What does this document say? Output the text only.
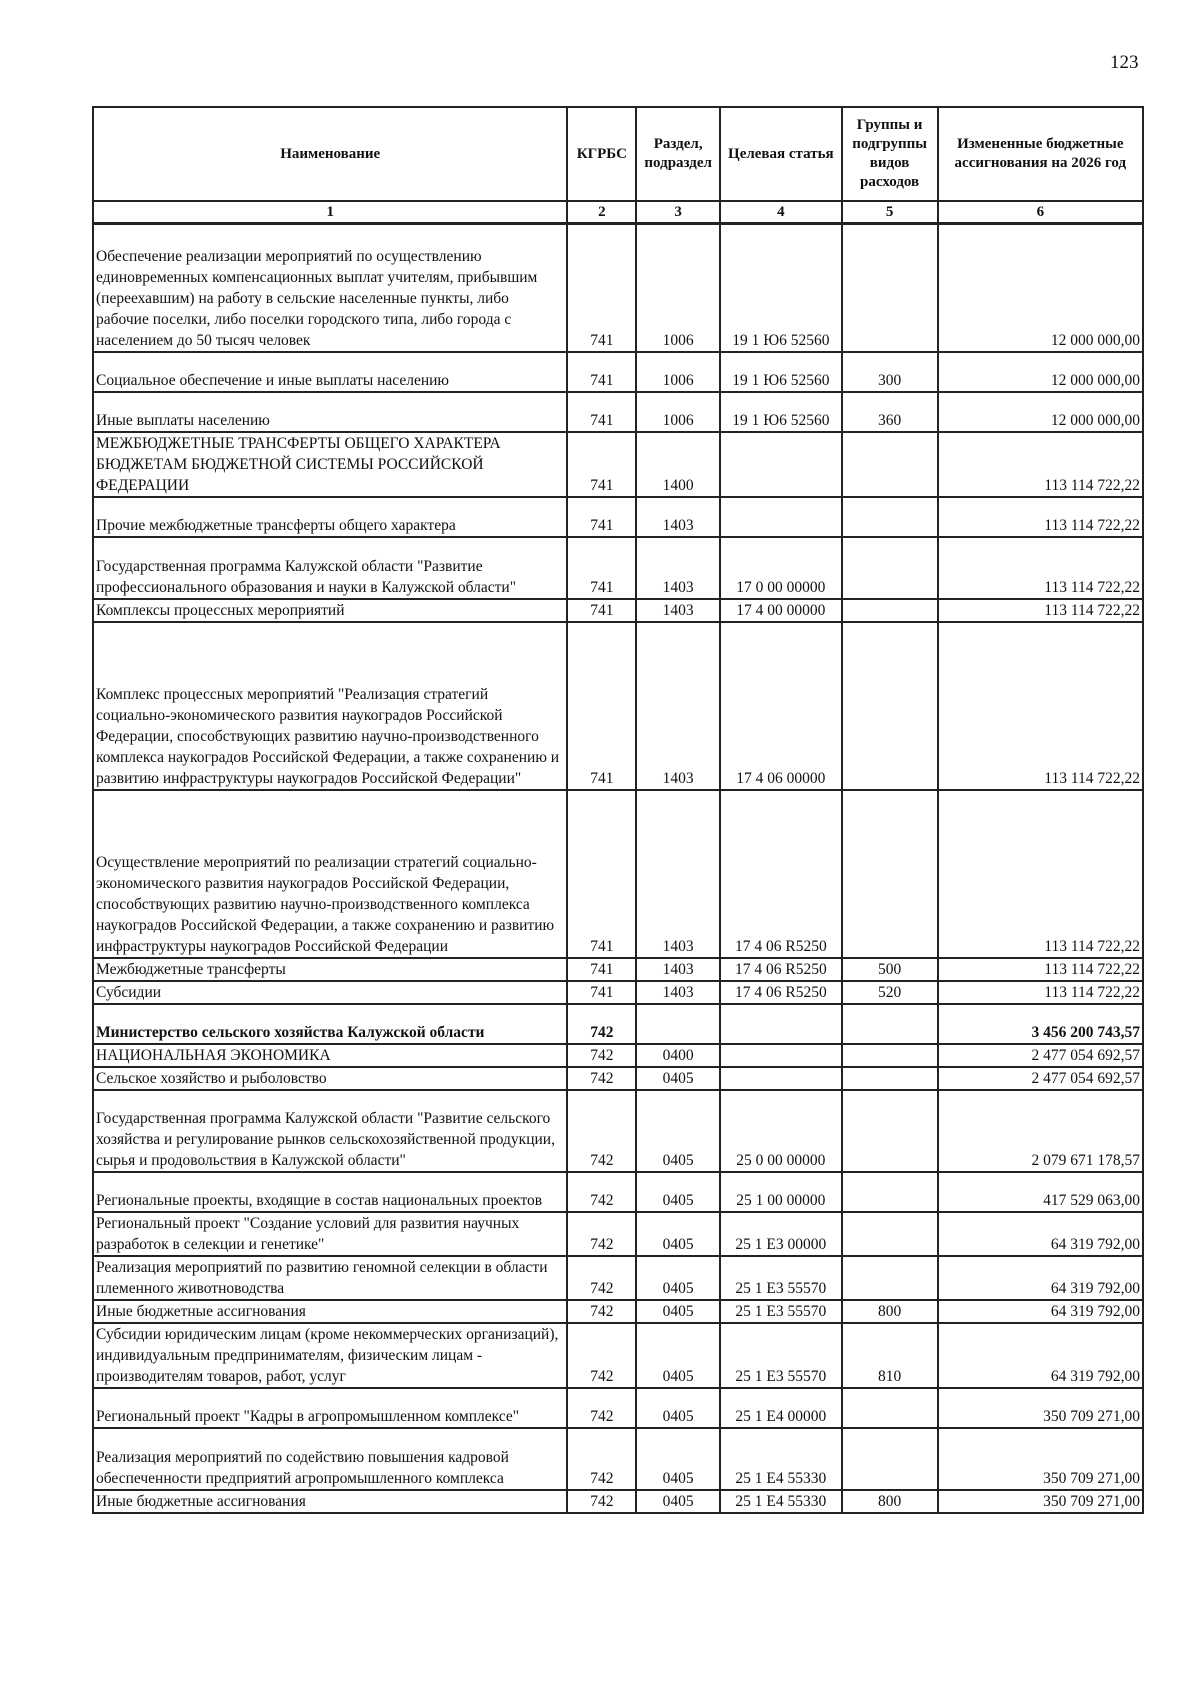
123
Наименование	КГРБС	Раздел, подраздел	Целевая статья	Группы и подгруппы видов расходов	Измененные бюджетные ассигнования на 2026 год
1	2	3	4	5	6
Обеспечение реализации мероприятий по осуществлению единовременных компенсационных выплат учителям, прибывшим (переехавшим) на работу в сельские населенные пункты, либо рабочие поселки, либо поселки городского типа, либо города с населением до 50 тысяч человек	741	1006	19 1 Ю6 52560		12 000 000,00
Социальное обеспечение и иные выплаты населению	741	1006	19 1 Ю6 52560	300	12 000 000,00
Иные выплаты населению	741	1006	19 1 Ю6 52560	360	12 000 000,00
МЕЖБЮДЖЕТНЫЕ ТРАНСФЕРТЫ ОБЩЕГО ХАРАКТЕРА БЮДЖЕТАМ БЮДЖЕТНОЙ СИСТЕМЫ РОССИЙСКОЙ ФЕДЕРАЦИИ	741	1400			113 114 722,22
Прочие межбюджетные трансферты общего характера	741	1403			113 114 722,22
Государственная программа Калужской области "Развитие профессионального образования и науки в Калужской области"	741	1403	17 0 00 00000		113 114 722,22
Комплексы процессных мероприятий	741	1403	17 4 00 00000		113 114 722,22
Комплекс процессных мероприятий "Реализация стратегий социально-экономического развития наукоградов Российской Федерации, способствующих развитию научно-производственного комплекса наукоградов Российской Федерации, а также сохранению и развитию инфраструктуры наукоградов Российской Федерации"	741	1403	17 4 06 00000		113 114 722,22
Осуществление мероприятий по реализации стратегий социально-экономического развития наукоградов Российской Федерации, способствующих развитию научно-производственного комплекса наукоградов Российской Федерации, а также сохранению и развитию инфраструктуры наукоградов Российской Федерации	741	1403	17 4 06 R5250		113 114 722,22
Межбюджетные трансферты	741	1403	17 4 06 R5250	500	113 114 722,22
Субсидии	741	1403	17 4 06 R5250	520	113 114 722,22
Министерство сельского хозяйства Калужской области	742				3 456 200 743,57
НАЦИОНАЛЬНАЯ ЭКОНОМИКА	742	0400			2 477 054 692,57
Сельское хозяйство и рыболовство	742	0405			2 477 054 692,57
Государственная программа Калужской области "Развитие сельского хозяйства и регулирование рынков сельскохозяйственной продукции, сырья и продовольствия в Калужской области"	742	0405	25 0 00 00000		2 079 671 178,57
Региональные проекты, входящие в состав национальных проектов	742	0405	25 1 00 00000		417 529 063,00
Региональный проект "Создание условий для развития научных разработок в селекции и генетике"	742	0405	25 1 Е3 00000		64 319 792,00
Реализация мероприятий по развитию геномной селекции в области племенного животноводства	742	0405	25 1 Е3 55570		64 319 792,00
Иные бюджетные ассигнования	742	0405	25 1 Е3 55570	800	64 319 792,00
Субсидии юридическим лицам (кроме некоммерческих организаций), индивидуальным предпринимателям, физическим лицам - производителям товаров, работ, услуг	742	0405	25 1 Е3 55570	810	64 319 792,00
Региональный проект "Кадры в агропромышленном комплексе"	742	0405	25 1 Е4 00000		350 709 271,00
Реализация мероприятий по содействию повышения кадровой обеспеченности предприятий агропромышленного комплекса	742	0405	25 1 Е4 55330		350 709 271,00
Иные бюджетные ассигнования	742	0405	25 1 Е4 55330	800	350 709 271,00
